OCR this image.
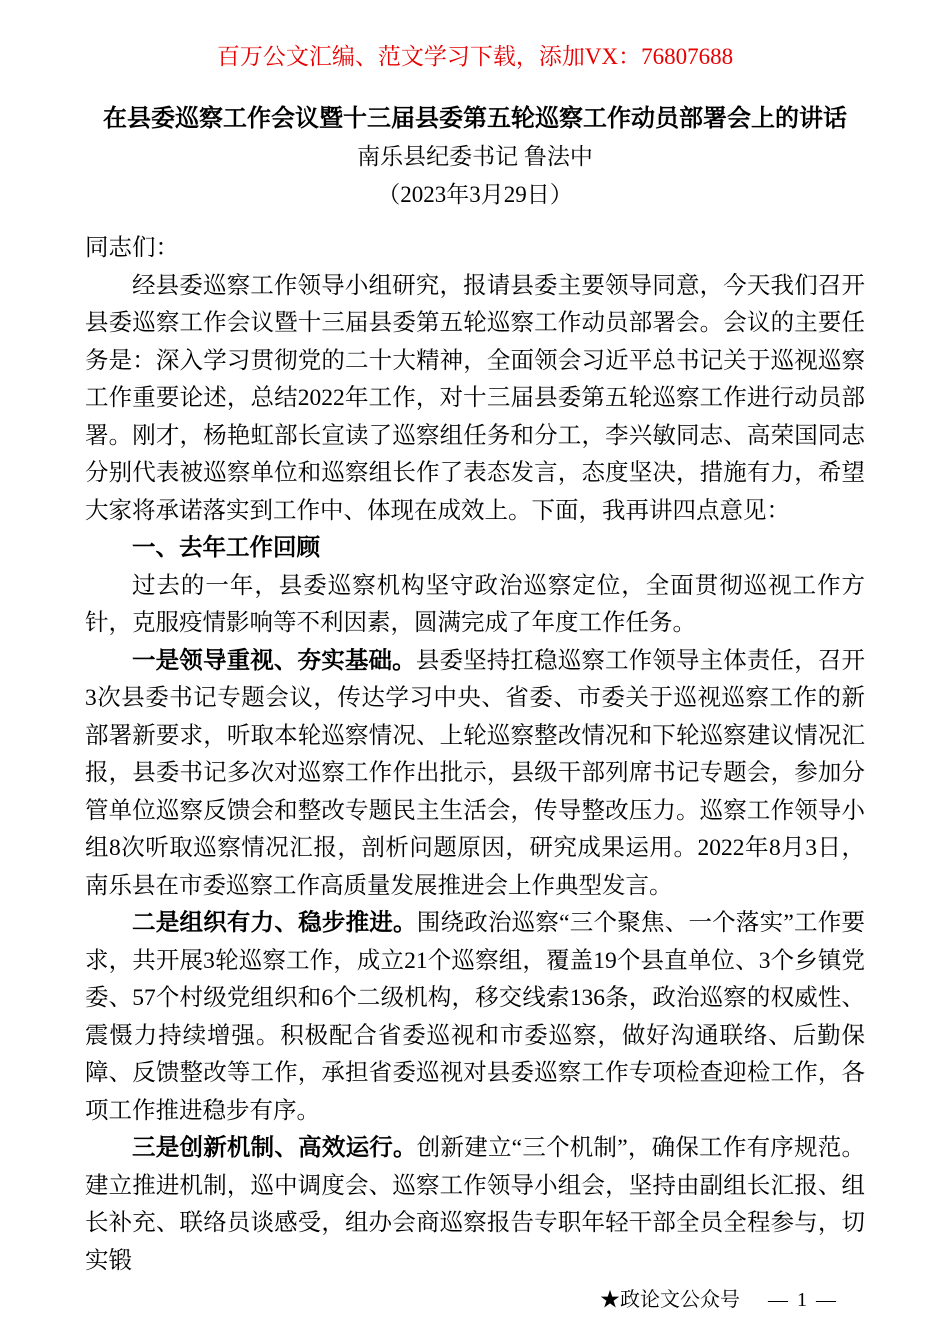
百万公文汇编、范文学习下载，添加VX：76807688
在县委巡察工作会议暨十三届县委第五轮巡察工作动员部署会上的讲话
南乐县纪委书记 鲁法中
（2023年3月29日）

同志们：

经县委巡察工作领导小组研究，报请县委主要领导同意，今天我们召开县委巡察工作会议暨十三届县委第五轮巡察工作动员部署会。会议的主要任务是：深入学习贯彻党的二十大精神，全面领会习近平总书记关于巡视巡察工作重要论述，总结2022年工作，对十三届县委第五轮巡察工作进行动员部署。刚才，杨艳虹部长宣读了巡察组任务和分工，李兴敏同志、高荣国同志分别代表被巡察单位和巡察组长作了表态发言，态度坚决，措施有力，希望大家将承诺落实到工作中、体现在成效上。下面，我再讲四点意见：

一、去年工作回顾

过去的一年，县委巡察机构坚守政治巡察定位，全面贯彻巡视工作方针，克服疫情影响等不利因素，圆满完成了年度工作任务。

一是领导重视、夯实基础。县委坚持扛稳巡察工作领导主体责任，召开3次县委书记专题会议，传达学习中央、省委、市委关于巡视巡察工作的新部署新要求，听取本轮巡察情况、上轮巡察整改情况和下轮巡察建议情况汇报，县委书记多次对巡察工作作出批示，县级干部列席书记专题会，参加分管单位巡察反馈会和整改专题民主生活会，传导整改压力。巡察工作领导小组8次听取巡察情况汇报，剖析问题原因，研究成果运用。2022年8月3日，南乐县在市委巡察工作高质量发展推进会上作典型发言。

二是组织有力、稳步推进。围绕政治巡察“三个聚焦、一个落实”工作要求，共开展3轮巡察工作，成立21个巡察组，覆盖19个县直单位、3个乡镇党委、57个村级党组织和6个二级机构，移交线索136条，政治巡察的权威性、震慑力持续增强。积极配合省委巡视和市委巡察，做好沟通联络、后勤保障、反馈整改等工作，承担省委巡视对县委巡察工作专项检查迎检工作，各项工作推进稳步有序。

三是创新机制、高效运行。创新建立“三个机制”，确保工作有序规范。建立推进机制，巡中调度会、巡察工作领导小组会，坚持由副组长汇报、组长补充、联络员谈感受，组办会商巡察报告专职年轻干部全员全程参与，切实锻

★政论文公众号 — 1 —
